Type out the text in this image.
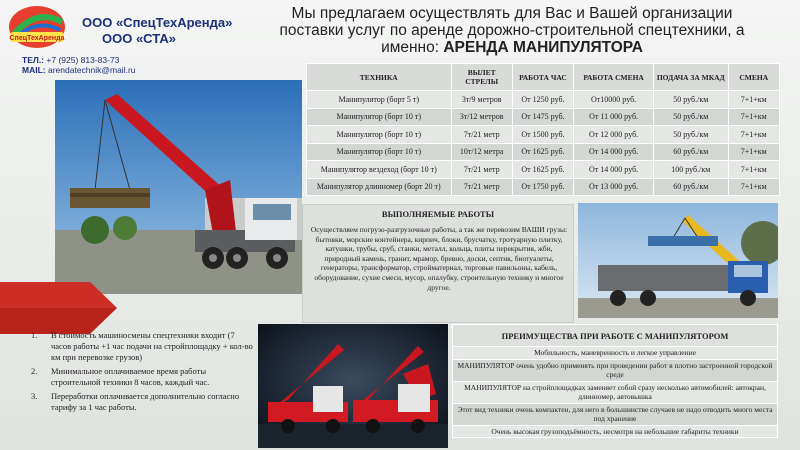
СпецТехАренда
ООО «СпецТехАренда»
ООО «СТА»
ТЕЛ.: +7 (925) 813-83-73
MAIL: arendatechnik@mail.ru
Мы предлагаем осуществлять для Вас и Вашей организации
поставки услуг по аренде дорожно-строительной спецтехники, а
именно: АРЕНДА МАНИПУЛЯТОРА
ТЕХНИКА	ВЫЛЕТ СТРЕЛЫ	РАБОТА ЧАС	РАБОТА СМЕНА	ПОДАЧА ЗА МКАД	СМЕНА
Манипулятор (борт 5 т)	3т/9 метров	От 1250 руб.	От10000 руб.	50 руб./км	7+1+км
Манипулятор (борт 10 т)	3т/12 метров	От 1475 руб.	От 11 000 руб.	50 руб./км	7+1+км
Манипулятор (борт 10 т)	7т/21 метр	От 1500 руб.	От 12 000 руб.	50 руб./км	7+1+км
Манипулятор (борт 10 т)	10т/12 метра	От 1625 руб.	От 14 000 руб.	60 руб./км	7+1+км
Манипулятор вездеход (борт 10 т)	7т/21 метр	От 1625 руб.	От 14 000 руб.	100 руб./км	7+1+км
Манипулятор длинномер (борт 20 т)	7т/21 метр	От 1750 руб.	От 13 000 руб.	60 руб./км	7+1+км
ВЫПОЛНЯЕМЫЕ РАБОТЫ
Осуществляем погрузо-разгрузочные работы, а так же перевозим ВАШИ грузы: бытовки, морские контейнера, кирпич, блоки, брусчатку, тротуарную плитку, катушки, трубы, сруб, станки, металл, кольца, плиты перекрытия, жби, природный камень, гранит, мрамор, бревно, доски, септик, биотуалеты, генераторы, трансформатор, стройматериал, торговые павильоны, кабель, оборудование, сухие смеси, мусор, опалубку, строительную технику и многое другое.
1. В стоимость машиносмены спецтехники входит (7 часов работы +1 час подачи на стройплощадку + кол-во км при перевозке грузов)
2. Минимальное оплачиваемое время работы строительной техники 8 часов, каждый час.
3. Переработки оплачивается дополнительно согласно тарифу за 1 час работы.
ПРЕИМУЩЕСТВА ПРИ РАБОТЕ С МАНИПУЛЯТОРОМ
Мобильность, маневренность и легкое управление
МАНИПУЛЯТОР очень удобно применять при проведении работ в плотно застроенной городской среде
МАНИПУЛЯТОР на стройплощадках заменяет собой сразу несколько автомобилей: автокран, длинномер, автовышка
Этот вид техники очень компактен, для него в большинстве случаев не надо отводить много места под хранение
Очень высокая грузоподъёмность, несмотря на небольшие габариты техники
